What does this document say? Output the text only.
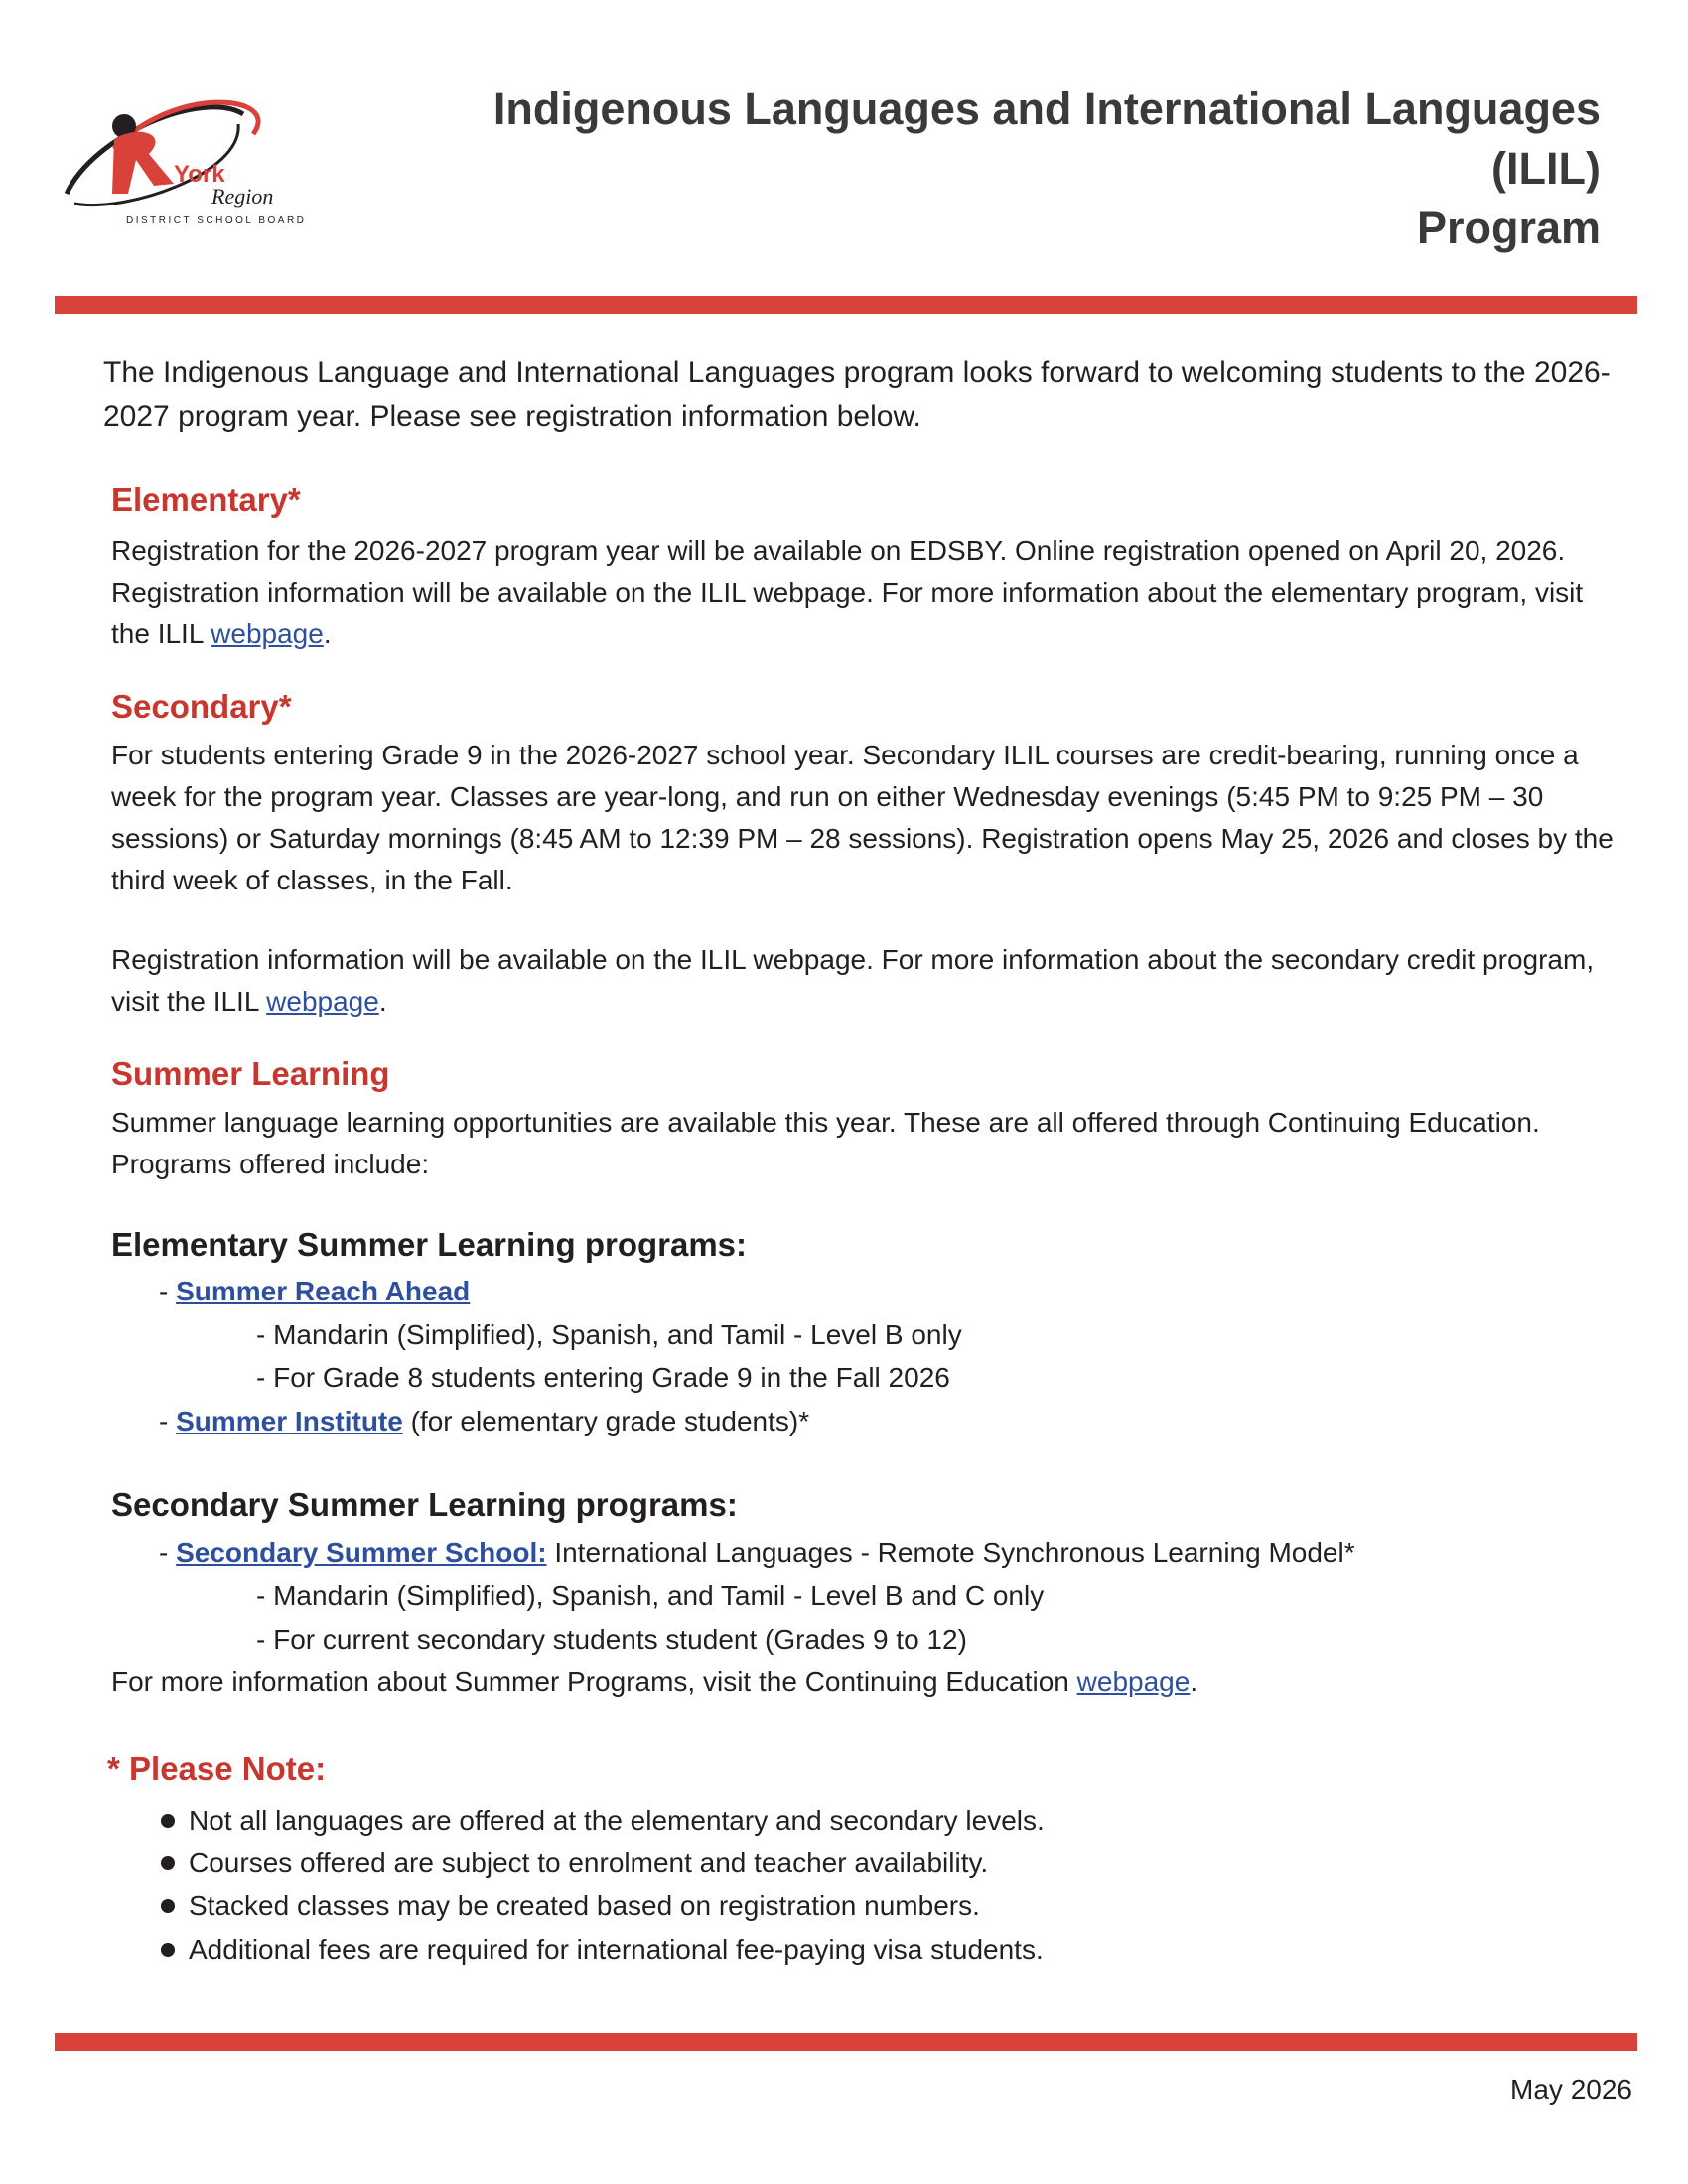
York
Region
DISTRICT SCHOOL BOARD
Indigenous Languages and International Languages (ILIL)
Program
The Indigenous Language and International Languages program looks forward to welcoming students to the 2026-2027 program year. Please see registration information below.
Elementary*
Registration for the 2026-2027 program year will be available on EDSBY. Online registration opened on April 20, 2026. Registration information will be available on the ILIL webpage. For more information about the elementary program, visit the ILIL webpage.
Secondary*
For students entering Grade 9 in the 2026-2027 school year. Secondary ILIL courses are credit-bearing, running once a week for the program year. Classes are year-long, and run on either Wednesday evenings (5:45 PM to 9:25 PM – 30 sessions) or Saturday mornings (8:45 AM to 12:39 PM – 28 sessions). Registration opens May 25, 2026 and closes by the third week of classes, in the Fall.
Registration information will be available on the ILIL webpage. For more information about the secondary credit program, visit the ILIL webpage.
Summer Learning
Summer language learning opportunities are available this year. These are all offered through Continuing Education. Programs offered include:
Elementary Summer Learning programs:
- Summer Reach Ahead
- Mandarin (Simplified), Spanish, and Tamil - Level B only
- For Grade 8 students entering Grade 9 in the Fall 2026
- Summer Institute (for elementary grade students)*
Secondary Summer Learning programs:
- Secondary Summer School: International Languages - Remote Synchronous Learning Model*
- Mandarin (Simplified), Spanish, and Tamil - Level B and C only
- For current secondary students student (Grades 9 to 12)
For more information about Summer Programs, visit the Continuing Education webpage.
* Please Note:
Not all languages are offered at the elementary and secondary levels.
Courses offered are subject to enrolment and teacher availability.
Stacked classes may be created based on registration numbers.
Additional fees are required for international fee-paying visa students.
May 2026
